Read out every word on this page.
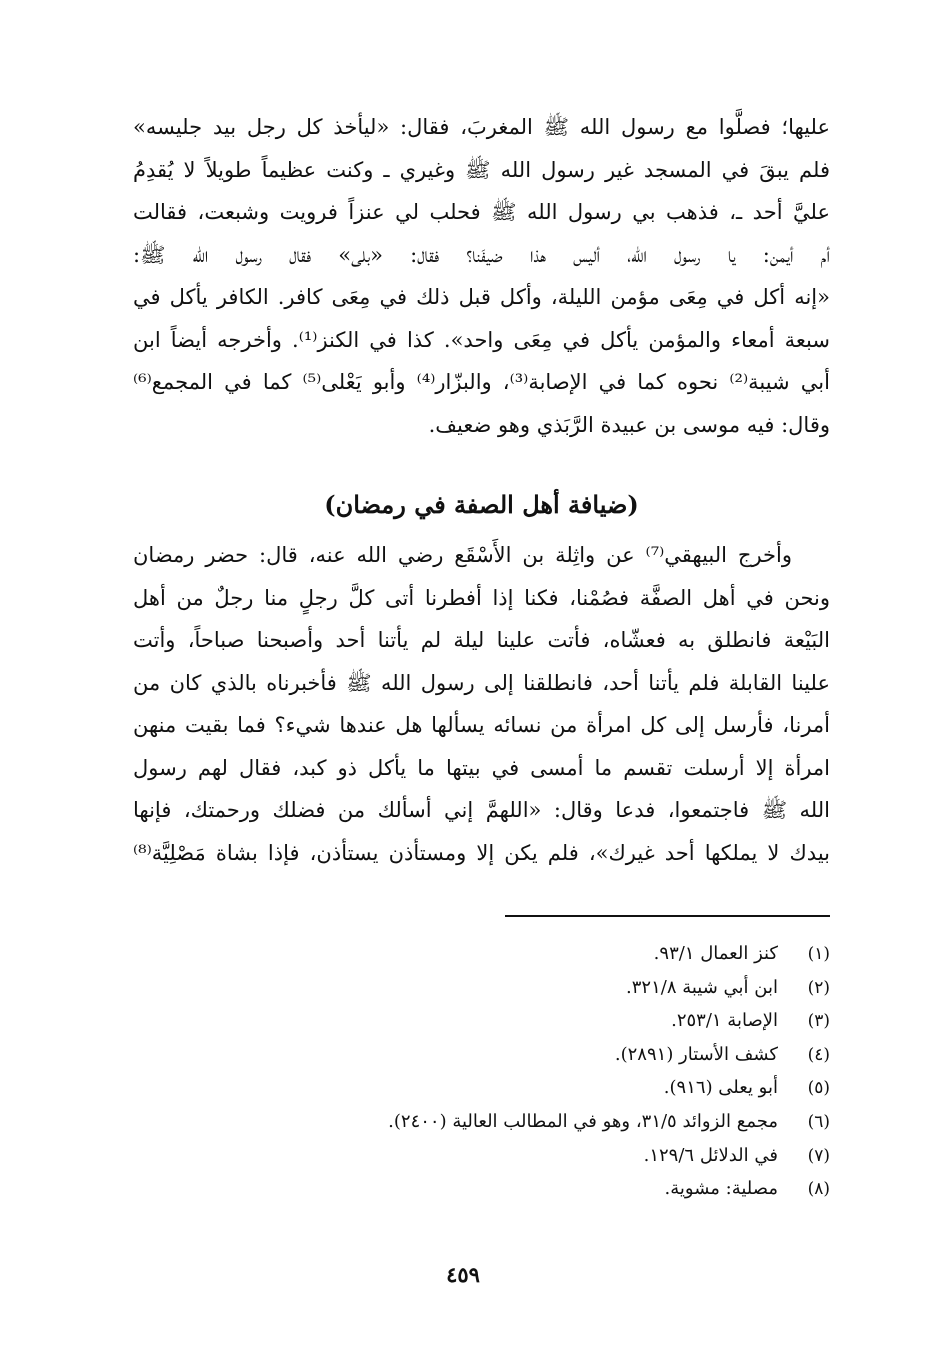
عليها؛ فصلَّوا مع رسول الله ﷺ المغربَ، فقال: «ليأخذ كل رجل بيد جليسه»
فلم يبقَ في المسجد غير رسول الله ﷺ وغيري ـ وكنت عظيماً طويلاً لا يُقدِمُ
عليَّ أحد ـ، فذهب بي رسول الله ﷺ فحلب لي عنزاً فرويت وشبعت، فقالت
أم أيمن: يا رسول الله، أليس هذا ضيفَنا؟ فقال: «بلى» فقال رسول الله ﷺ:
«إنه أكل في مِعَى مؤمن الليلة، وأكل قبل ذلك في مِعَى كافر. الكافر يأكل في
سبعة أمعاء والمؤمن يأكل في مِعَى واحد». كذا في الكنز⁽¹⁾. وأخرجه أيضاً ابن
أبي شيبة⁽²⁾ نحوه كما في الإصابة⁽³⁾، والبزّار⁽⁴⁾ وأبو يَعْلى⁽⁵⁾ كما في المجمع⁽⁶⁾
وقال: فيه موسى بن عبيدة الرَّبَذي وهو ضعيف.
(ضيافة أهل الصفة في رمضان)
وأخرج البيهقي⁽⁷⁾ عن واثِلة بن الأَسْقَع رضي الله عنه، قال: حضر رمضان
ونحن في أهل الصفَّة فصُمْنا، فكنا إذا أفطرنا أتى كلَّ رجلٍ منا رجلٌ من أهل
البَيْعة فانطلق به فعشّاه، فأتت علينا ليلة لم يأتنا أحد وأصبحنا صباحاً، وأتت
علينا القابلة فلم يأتنا أحد، فانطلقنا إلى رسول الله ﷺ فأخبرناه بالذي كان من
أمرنا، فأرسل إلى كل امرأة من نسائه يسألها هل عندها شيء؟ فما بقيت منهن
امرأة إلا أرسلت تقسم ما أمسى في بيتها ما يأكل ذو كبد، فقال لهم رسول
الله ﷺ فاجتمعوا، فدعا وقال: «اللهمَّ إني أسألك من فضلك ورحمتك، فإنها
بيدك لا يملكها أحد غيرك»، فلم يكن إلا ومستأذن يستأذن، فإذا بشاة مَصْلِيَّة⁽⁸⁾
(١)
كنز العمال ٩٣/١.
(٢)
ابن أبي شيبة ٣٢١/٨.
(٣)
الإصابة ٢٥٣/١.
(٤)
كشف الأستار (٢٨٩١).
(٥)
أبو يعلى (٩١٦).
(٦)
مجمع الزوائد ٣١/٥، وهو في المطالب العالية (٢٤٠٠).
(٧)
في الدلائل ١٢٩/٦.
(٨)
مصلية: مشوية.
٤٥٩
